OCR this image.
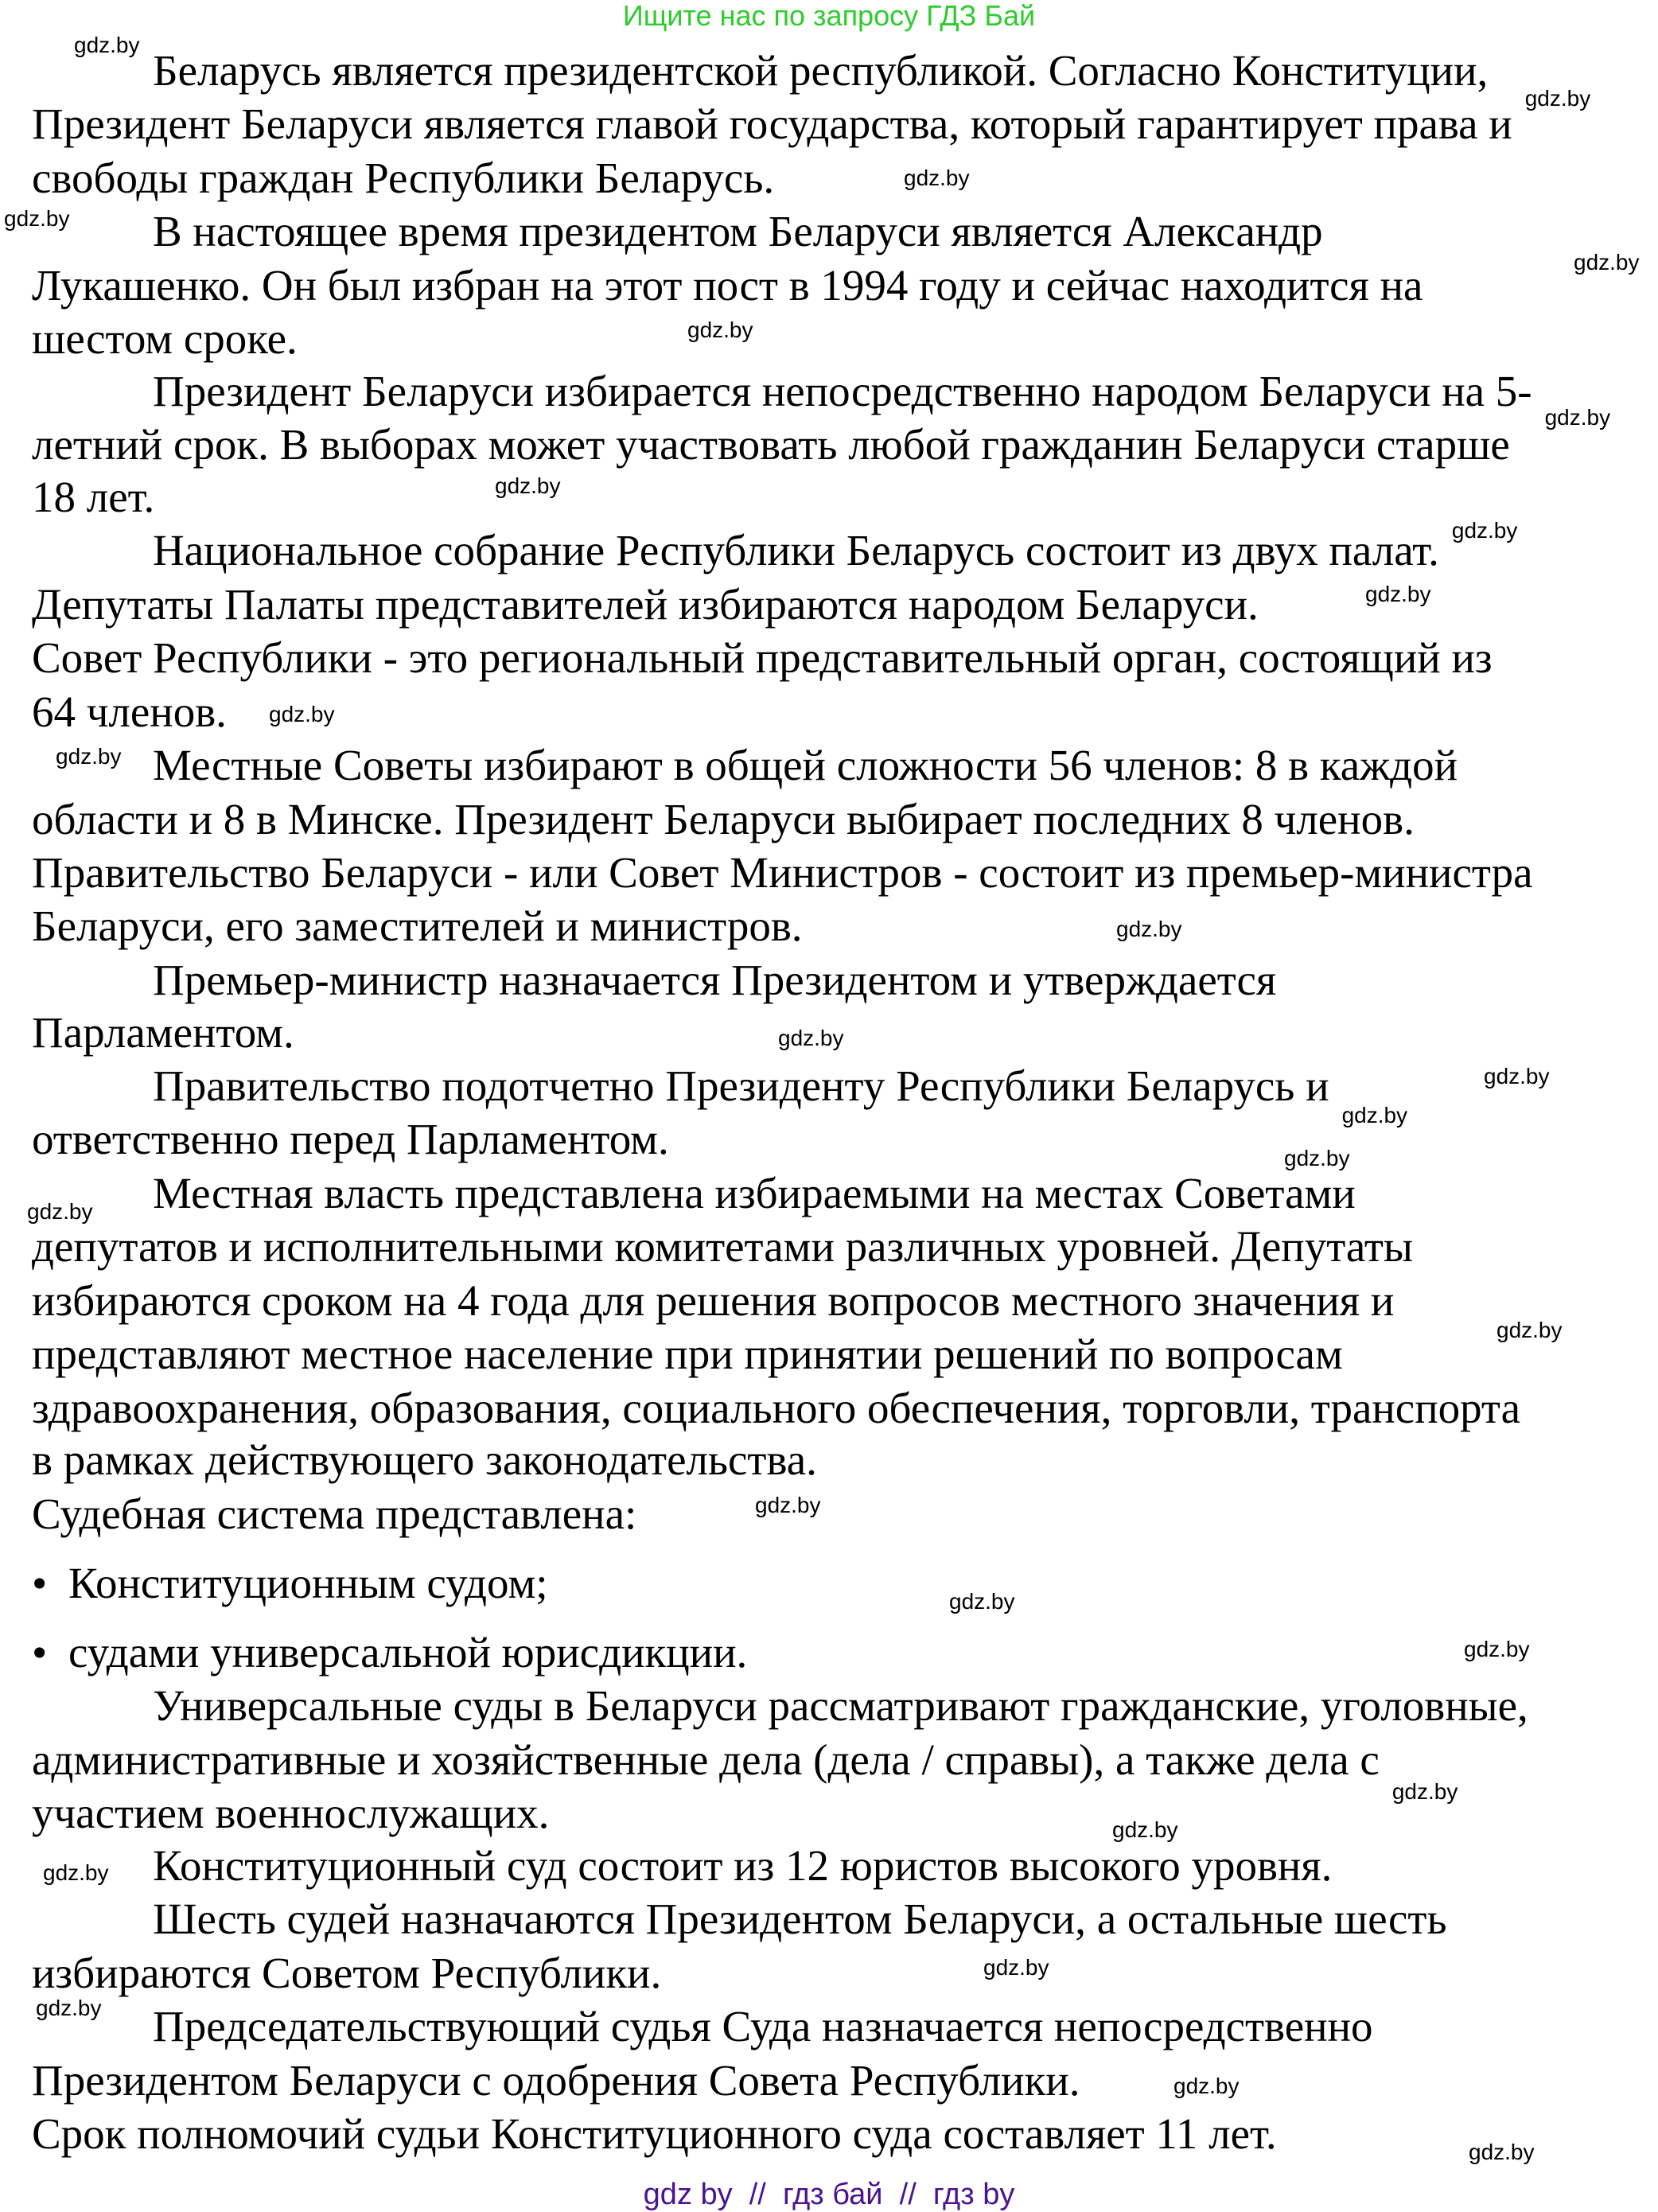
Ищите нас по запросу ГДЗ Бай
Беларусь является президентской республикой. Согласно Конституции,
Президент Беларуси является главой государства, который гарантирует права и
свободы граждан Республики Беларусь.
В настоящее время президентом Беларуси является Александр
Лукашенко. Он был избран на этот пост в 1994 году и сейчас находится на
шестом сроке.
Президент Беларуси избирается непосредственно народом Беларуси на 5-
летний срок. В выборах может участвовать любой гражданин Беларуси старше
18 лет.
Национальное собрание Республики Беларусь состоит из двух палат.
Депутаты Палаты представителей избираются народом Беларуси.
Совет Республики - это региональный представительный орган, состоящий из
64 членов.
Местные Советы избирают в общей сложности 56 членов: 8 в каждой
области и 8 в Минске. Президент Беларуси выбирает последних 8 членов.
Правительство Беларуси - или Совет Министров - состоит из премьер-министра
Беларуси, его заместителей и министров.
Премьер-министр назначается Президентом и утверждается
Парламентом.
Правительство подотчетно Президенту Республики Беларусь и
ответственно перед Парламентом.
Местная власть представлена избираемыми на местах Советами
депутатов и исполнительными комитетами различных уровней. Депутаты
избираются сроком на 4 года для решения вопросов местного значения и
представляют местное население при принятии решений по вопросам
здравоохранения, образования, социального обеспечения, торговли, транспорта
в рамках действующего законодательства.
Судебная система представлена:
Конституционным судом;
•
судами универсальной юрисдикции.
•
Универсальные суды в Беларуси рассматривают гражданские, уголовные,
административные и хозяйственные дела (дела / справы), а также дела с
участием военнослужащих.
Конституционный суд состоит из 12 юристов высокого уровня.
Шесть судей назначаются Президентом Беларуси, а остальные шесть
избираются Советом Республики.
Председательствующий судья Суда назначается непосредственно
Президентом Беларуси с одобрения Совета Республики.
Срок полномочий судьи Конституционного суда составляет 11 лет.
gdz.by
gdz.by
gdz.by
gdz.by
gdz.by
gdz.by
gdz.by
gdz.by
gdz.by
gdz.by
gdz.by
gdz.by
gdz.by
gdz.by
gdz.by
gdz.by
gdz.by
gdz.by
gdz.by
gdz.by
gdz.by
gdz.by
gdz.by
gdz.by
gdz.by
gdz.by
gdz.by
gdz.by
gdz.by
gdz by  //  гдз бай  //  гдз by
